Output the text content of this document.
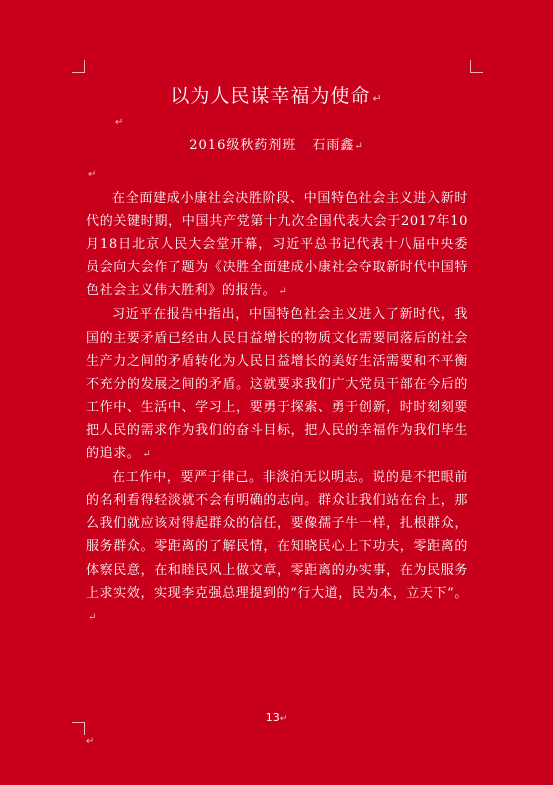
以为人民谋幸福为使命 ↵
↵
2016级秋药剂班 石雨鑫↵
↵

在全面建成小康社会决胜阶段、中国特色社会主义进入新时代的关键时期，中国共产党第十九次全国代表大会于2017年10月18日北京人民大会堂开幕，习近平总书记代表十八届中央委员会向大会作了题为《决胜全面建成小康社会夺取新时代中国特色社会主义伟大胜利》的报告。 ↵

习近平在报告中指出，中国特色社会主义进入了新时代，我国的主要矛盾已经由人民日益增长的物质文化需要同落后的社会生产力之间的矛盾转化为人民日益增长的美好生活需要和不平衡不充分的发展之间的矛盾。这就要求我们广大党员干部在今后的工作中、生活中、学习上，要勇于探索、勇于创新，时时刻刻要把人民的需求作为我们的奋斗目标，把人民的幸福作为我们毕生的追求。 ↵

在工作中，要严于律己。非淡泊无以明志。说的是不把眼前的名利看得轻淡就不会有明确的志向。群众让我们站在台上，那么我们就应该对得起群众的信任，要像孺子牛一样，扎根群众，服务群众。零距离的了解民情，在知晓民心上下功夫，零距离的体察民意，在和睦民风上做文章，零距离的办实事，在为民服务上求实效，实现李克强总理提到的“行大道，民为本，立天下”。↵

13↵
↵
